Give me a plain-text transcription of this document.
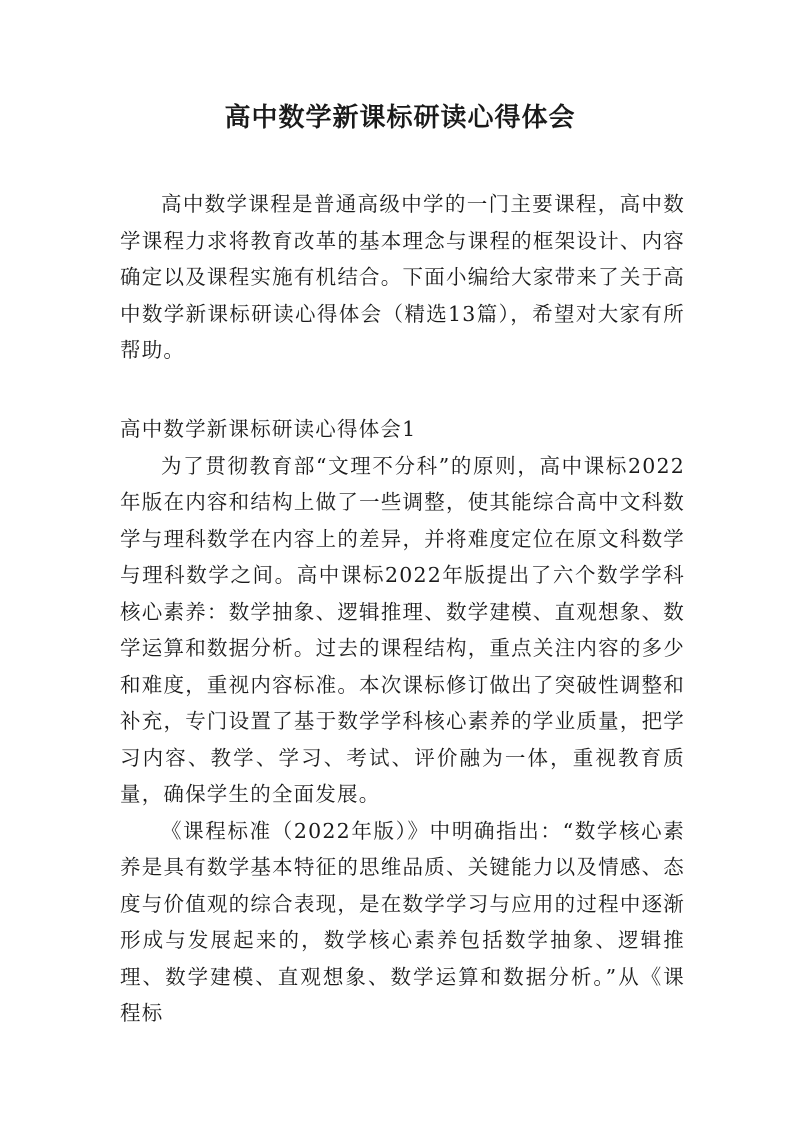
高中数学新课标研读心得体会

高中数学课程是普通高级中学的一门主要课程，高中数学课程力求将教育改革的基本理念与课程的框架设计、内容确定以及课程实施有机结合。下面小编给大家带来了关于高中数学新课标研读心得体会（精选13篇），希望对大家有所帮助。

高中数学新课标研读心得体会1

为了贯彻教育部“文理不分科”的原则，高中课标2022年版在内容和结构上做了一些调整，使其能综合高中文科数学与理科数学在内容上的差异，并将难度定位在原文科数学与理科数学之间。高中课标2022年版提出了六个数学学科核心素养：数学抽象、逻辑推理、数学建模、直观想象、数学运算和数据分析。过去的课程结构，重点关注内容的多少和难度，重视内容标准。本次课标修订做出了突破性调整和补充，专门设置了基于数学学科核心素养的学业质量，把学习内容、教学、学习、考试、评价融为一体，重视教育质量，确保学生的全面发展。

《课程标准（2022年版）》中明确指出：“数学核心素养是具有数学基本特征的思维品质、关键能力以及情感、态度与价值观的综合表现，是在数学学习与应用的过程中逐渐形成与发展起来的，数学核心素养包括数学抽象、逻辑推理、数学建模、直观想象、数学运算和数据分析。”从《课程标
